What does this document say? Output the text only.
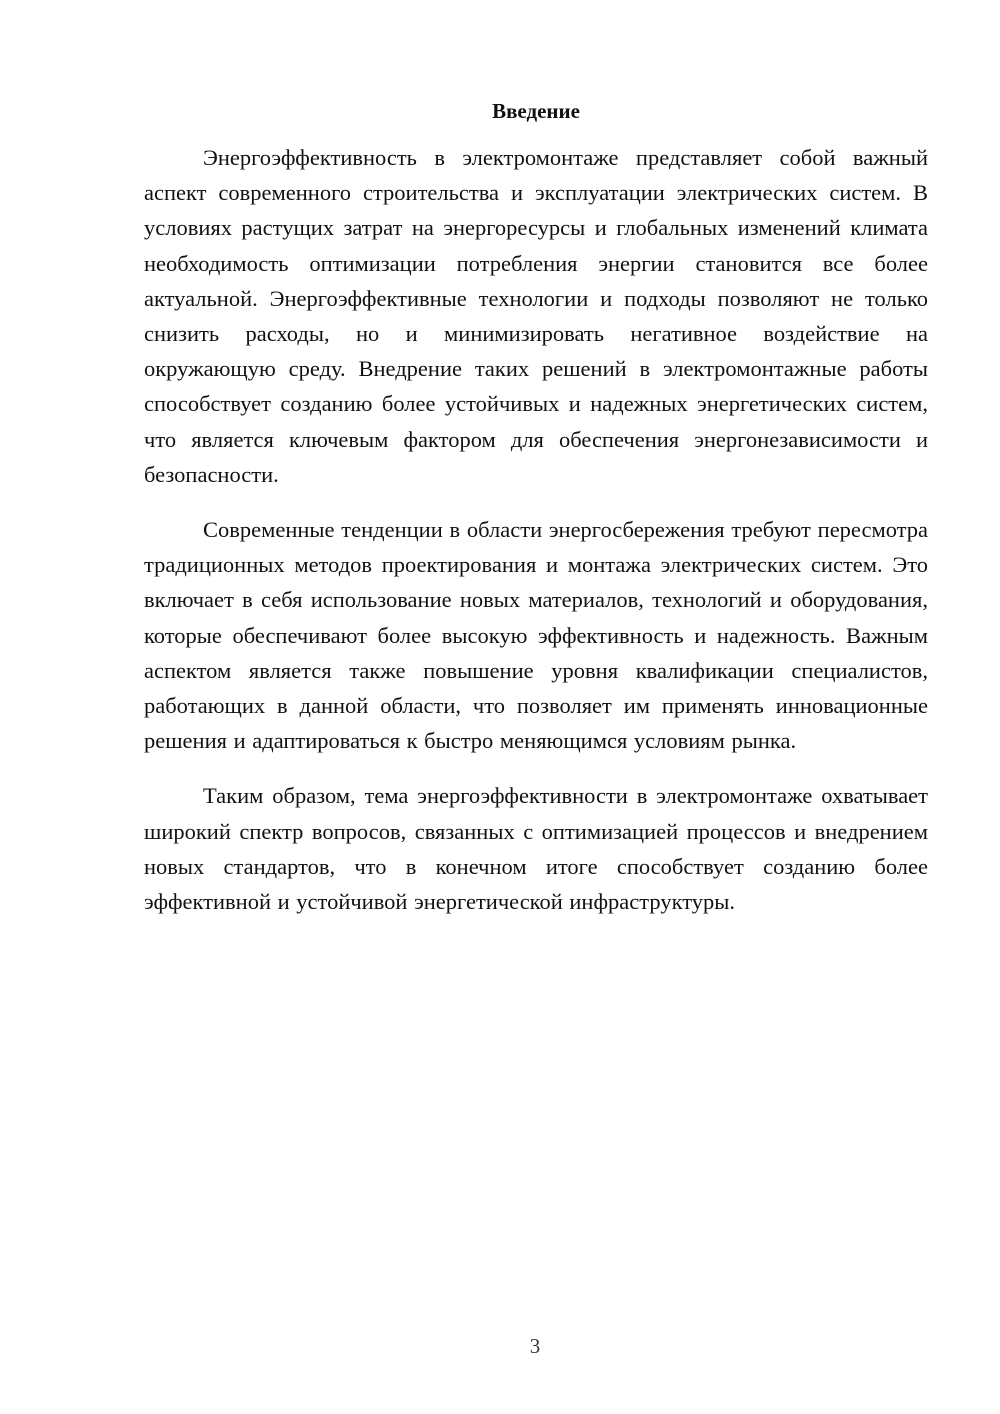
Введение

Энергоэффективность в электромонтаже представляет собой важный аспект современного строительства и эксплуатации электрических систем. В условиях растущих затрат на энергоресурсы и глобальных изменений климата необходимость оптимизации потребления энергии становится все более актуальной. Энергоэффективные технологии и подходы позволяют не только снизить расходы, но и минимизировать негативное воздействие на окружающую среду. Внедрение таких решений в электромонтажные работы способствует созданию более устойчивых и надежных энергетических систем, что является ключевым фактором для обеспечения энергонезависимости и безопасности.

Современные тенденции в области энергосбережения требуют пересмотра традиционных методов проектирования и монтажа электрических систем. Это включает в себя использование новых материалов, технологий и оборудования, которые обеспечивают более высокую эффективность и надежность. Важным аспектом является также повышение уровня квалификации специалистов, работающих в данной области, что позволяет им применять инновационные решения и адаптироваться к быстро меняющимся условиям рынка.

Таким образом, тема энергоэффективности в электромонтаже охватывает широкий спектр вопросов, связанных с оптимизацией процессов и внедрением новых стандартов, что в конечном итоге способствует созданию более эффективной и устойчивой энергетической инфраструктуры.

3
